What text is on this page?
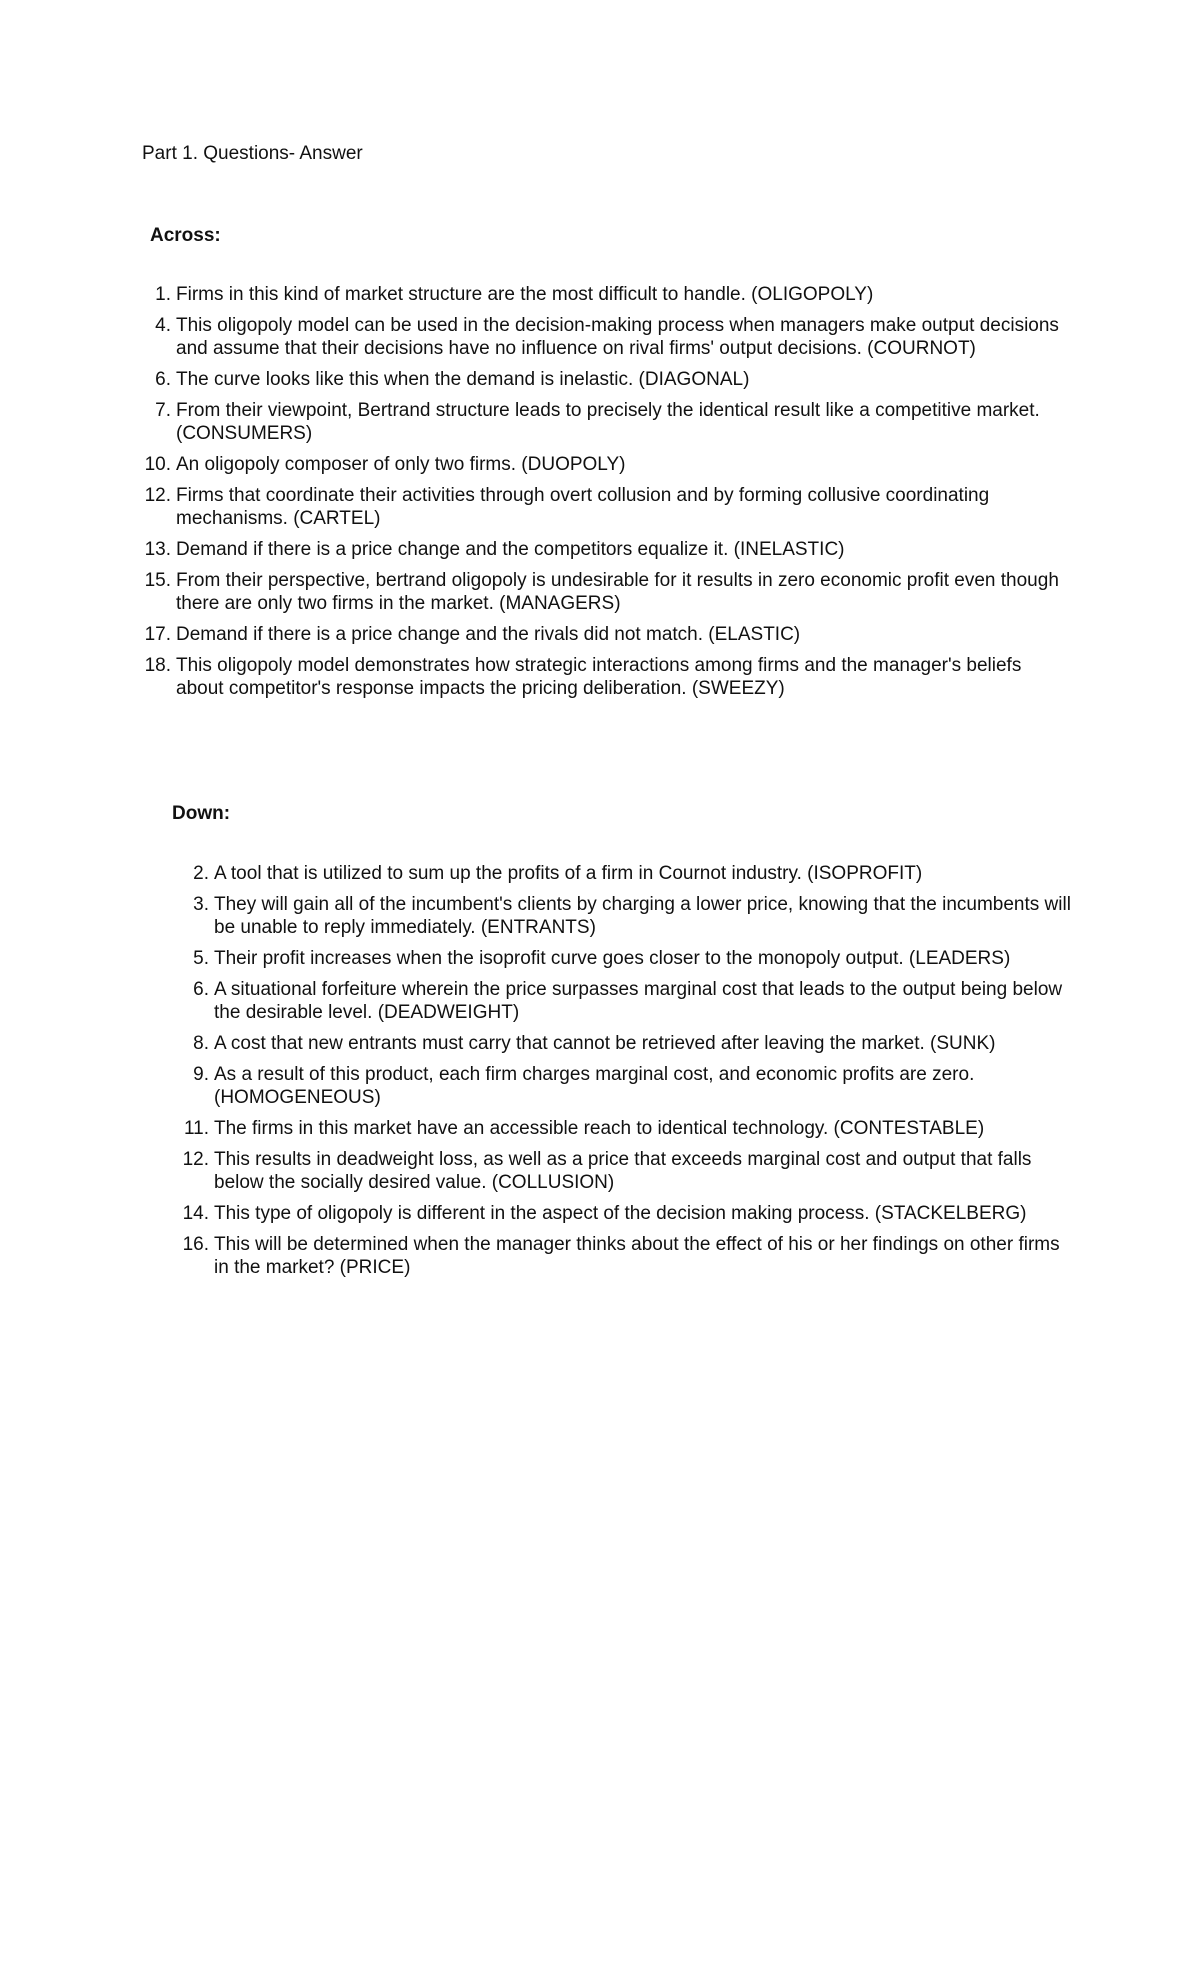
Part 1. Questions- Answer

Across:
1. Firms in this kind of market structure are the most difficult to handle. (OLIGOPOLY)
4. This oligopoly model can be used in the decision-making process when managers make output decisions and assume that their decisions have no influence on rival firms' output decisions. (COURNOT)
6. The curve looks like this when the demand is inelastic. (DIAGONAL)
7. From their viewpoint, Bertrand structure leads to precisely the identical result like a competitive market. (CONSUMERS)
10. An oligopoly composer of only two firms. (DUOPOLY)
12. Firms that coordinate their activities through overt collusion and by forming collusive coordinating mechanisms. (CARTEL)
13. Demand if there is a price change and the competitors equalize it. (INELASTIC)
15. From their perspective, bertrand oligopoly is undesirable for it results in zero economic profit even though there are only two firms in the market. (MANAGERS)
17. Demand if there is a price change and the rivals did not match. (ELASTIC)
18. This oligopoly model demonstrates how strategic interactions among firms and the manager's beliefs about competitor's response impacts the pricing deliberation. (SWEEZY)
Down:
2. A tool that is utilized to sum up the profits of a firm in Cournot industry. (ISOPROFIT)
3. They will gain all of the incumbent's clients by charging a lower price, knowing that the incumbents will be unable to reply immediately. (ENTRANTS)
5. Their profit increases when the isoprofit curve goes closer to the monopoly output. (LEADERS)
6. A situational forfeiture wherein the price surpasses marginal cost that leads to the output being below the desirable level. (DEADWEIGHT)
8. A cost that new entrants must carry that cannot be retrieved after leaving the market. (SUNK)
9. As a result of this product, each firm charges marginal cost, and economic profits are zero. (HOMOGENEOUS)
11. The firms in this market have an accessible reach to identical technology. (CONTESTABLE)
12. This results in deadweight loss, as well as a price that exceeds marginal cost and output that falls below the socially desired value. (COLLUSION)
14. This type of oligopoly is different in the aspect of the decision making process. (STACKELBERG)
16. This will be determined when the manager thinks about the effect of his or her findings on other firms in the market? (PRICE)
